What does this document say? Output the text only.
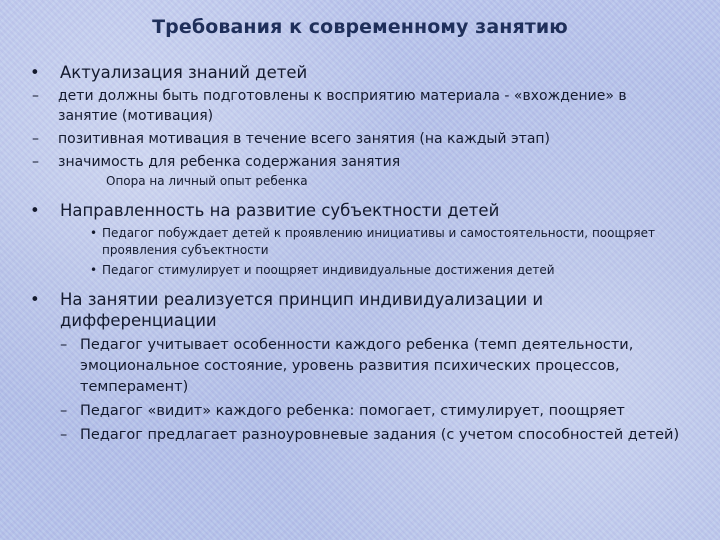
Требования к современному занятию
•	Актуализация знаний детей
– дети должны быть подготовлены к восприятию материала - «вхождение» в занятие (мотивация)
– позитивная мотивация в течение всего занятия (на каждый этап)
– значимость для ребенка содержания занятия
Опора на личный опыт ребенка
•	Направленность на развитие субъектности детей
• Педагог побуждает детей к проявлению инициативы и самостоятельности, поощряет проявления субъектности
• Педагог стимулирует и поощряет индивидуальные достижения детей
•	На занятии реализуется принцип индивидуализации и дифференциации
– Педагог учитывает особенности каждого ребенка (темп деятельности, эмоциональное состояние, уровень развития психических процессов, темперамент)
– Педагог «видит» каждого ребенка: помогает, стимулирует, поощряет
– Педагог предлагает разноуровневые задания (с учетом способностей детей)
